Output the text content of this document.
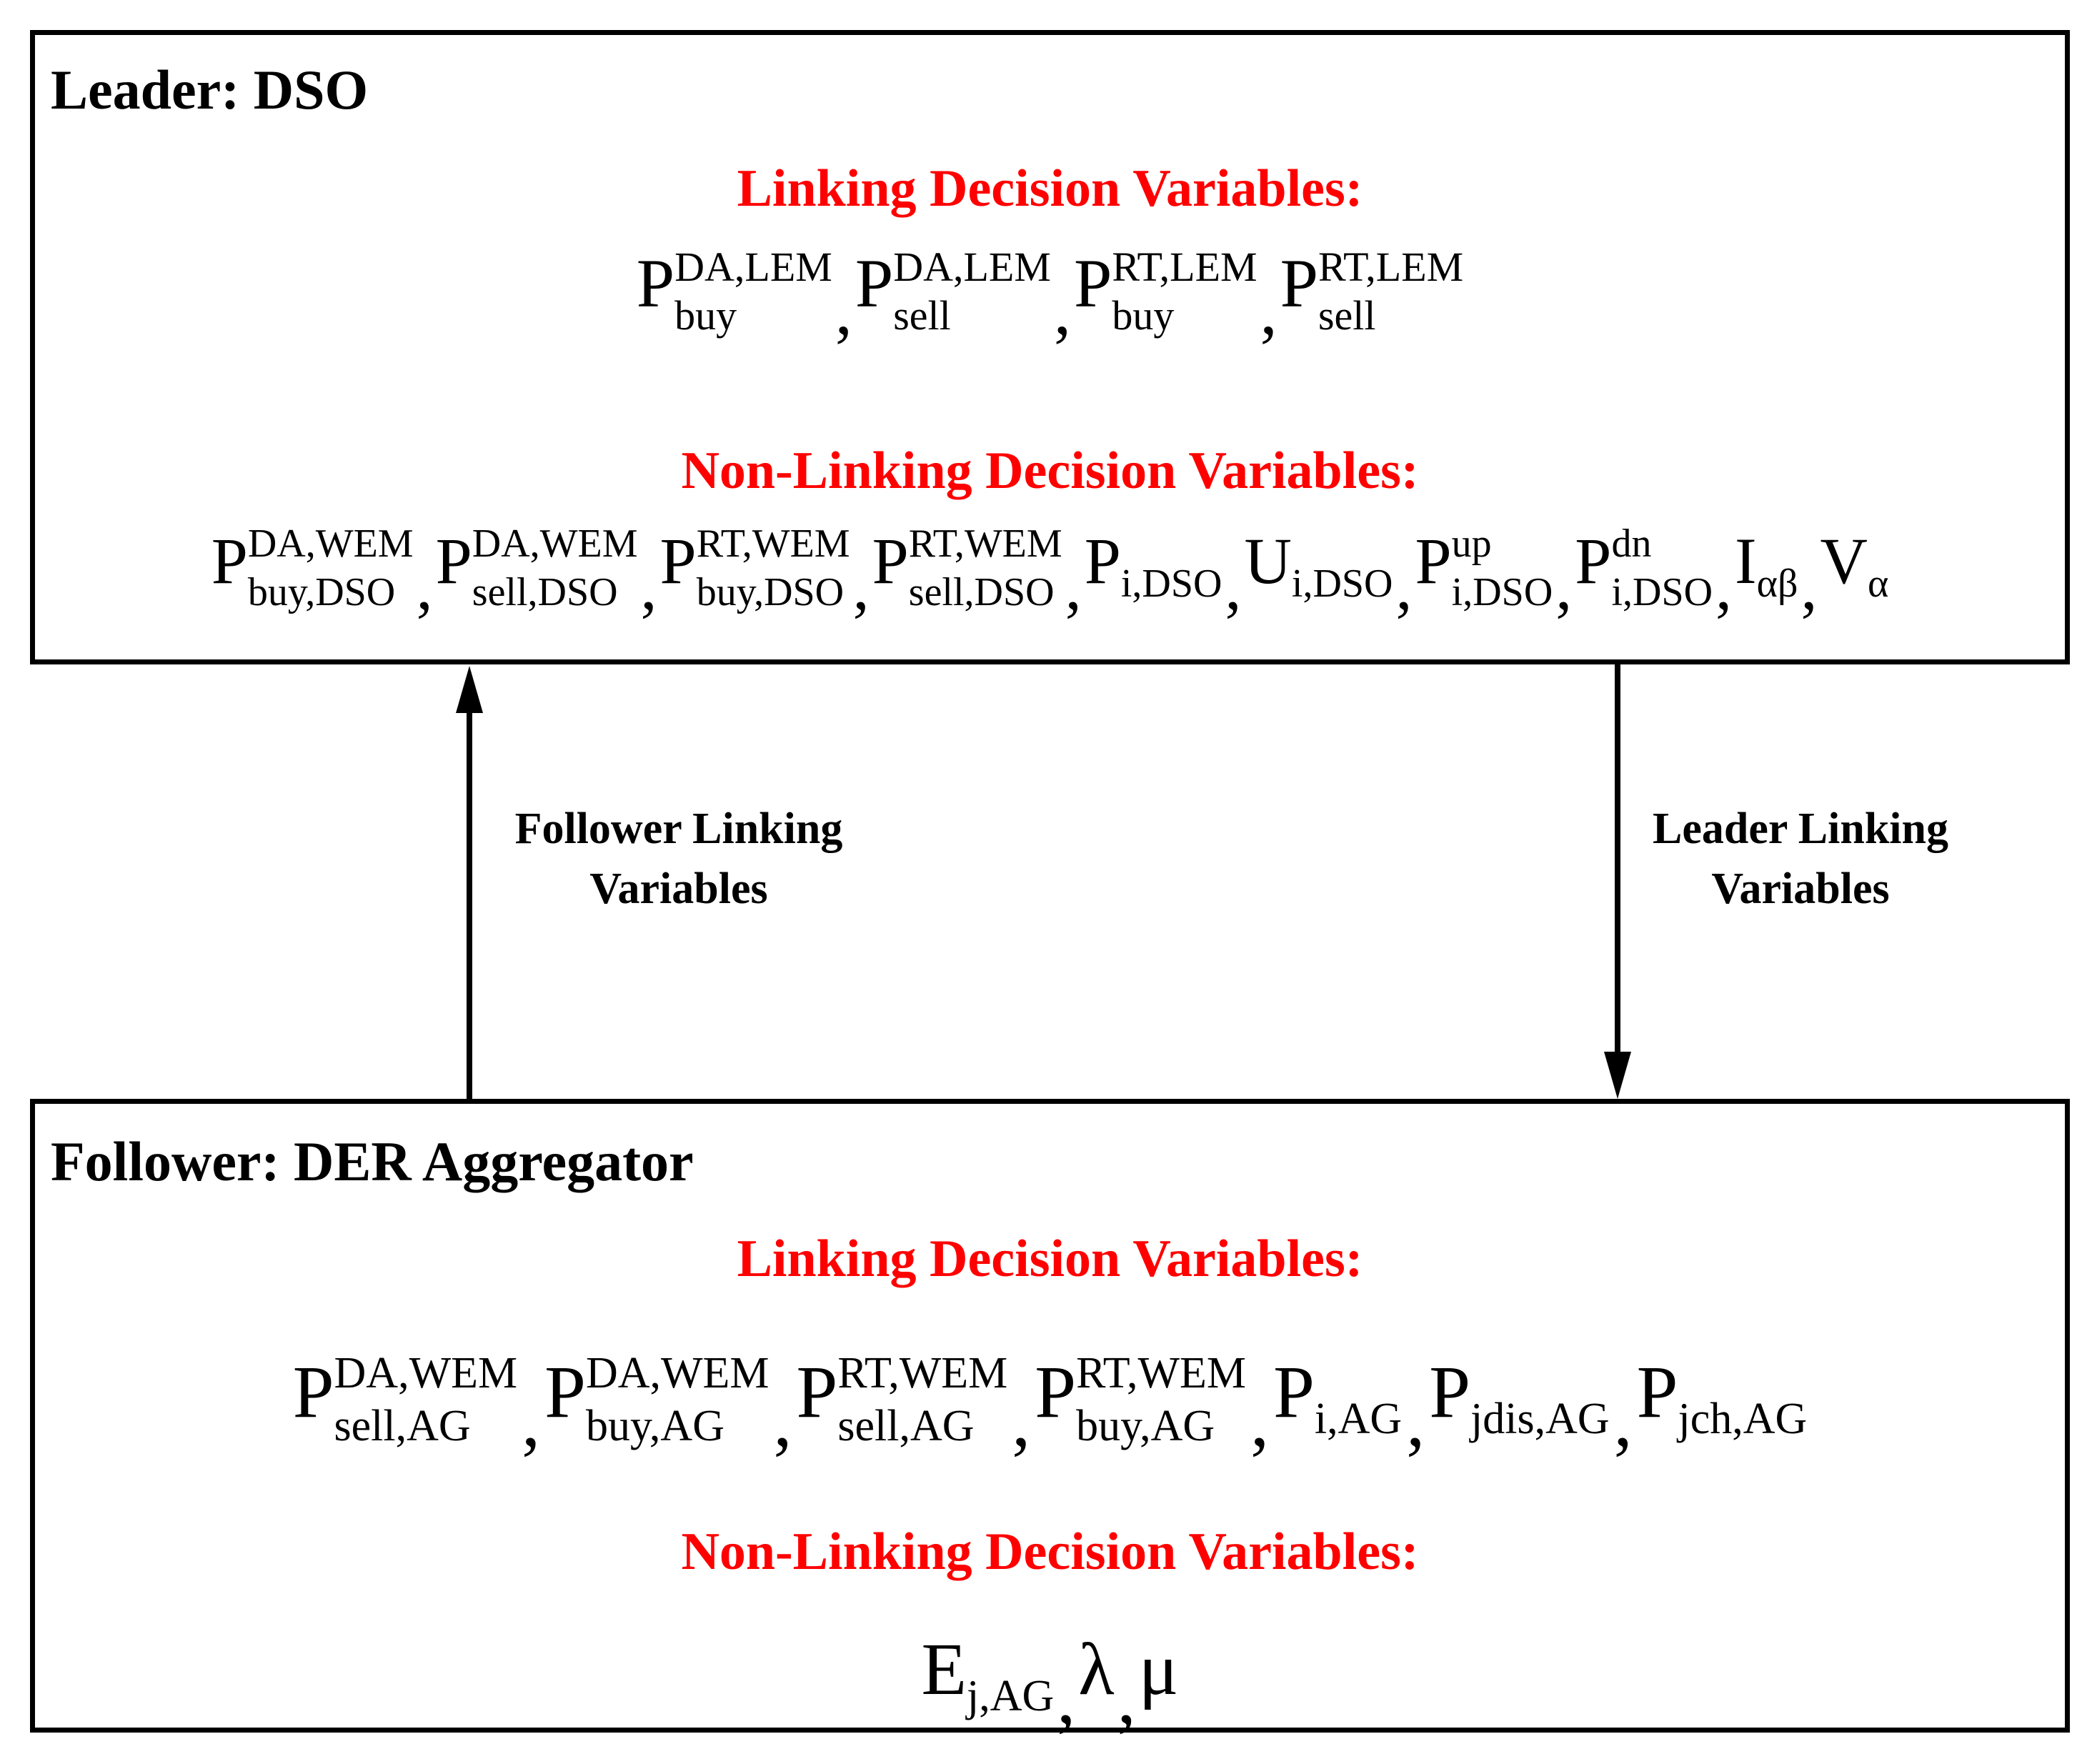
Leader: DSO
Linking Decision Variables:
P DA,LEM
buy	,P DA,LEM
sell	,P RT,LEM
buy	,P RT,LEM
sell
Non-Linking Decision Variables:
P DA,WEM
buy,DSO ,P DA,WEM
sell,DSO ,P RT,WEM
buy,DSO ,P RT,WEM
sell,DSO ,Pi,DSO,Ui,DSO,P up
i,DSO ,P dn
i,DSO ,Iαβ,Vα
Follower: DER Aggregator
Linking Decision Variables:
P DA,WEM
sell,AG ,P DA,WEM
buy,AG ,P RT,WEM
sell,AG ,P RT,WEM
buy,AG ,Pi,AG,Pjdis,AG,Pjch,AG
Non-Linking Decision Variables:
Ej,AG,λ,μ
Follower Linking
Variables
Leader Linking
Variables
